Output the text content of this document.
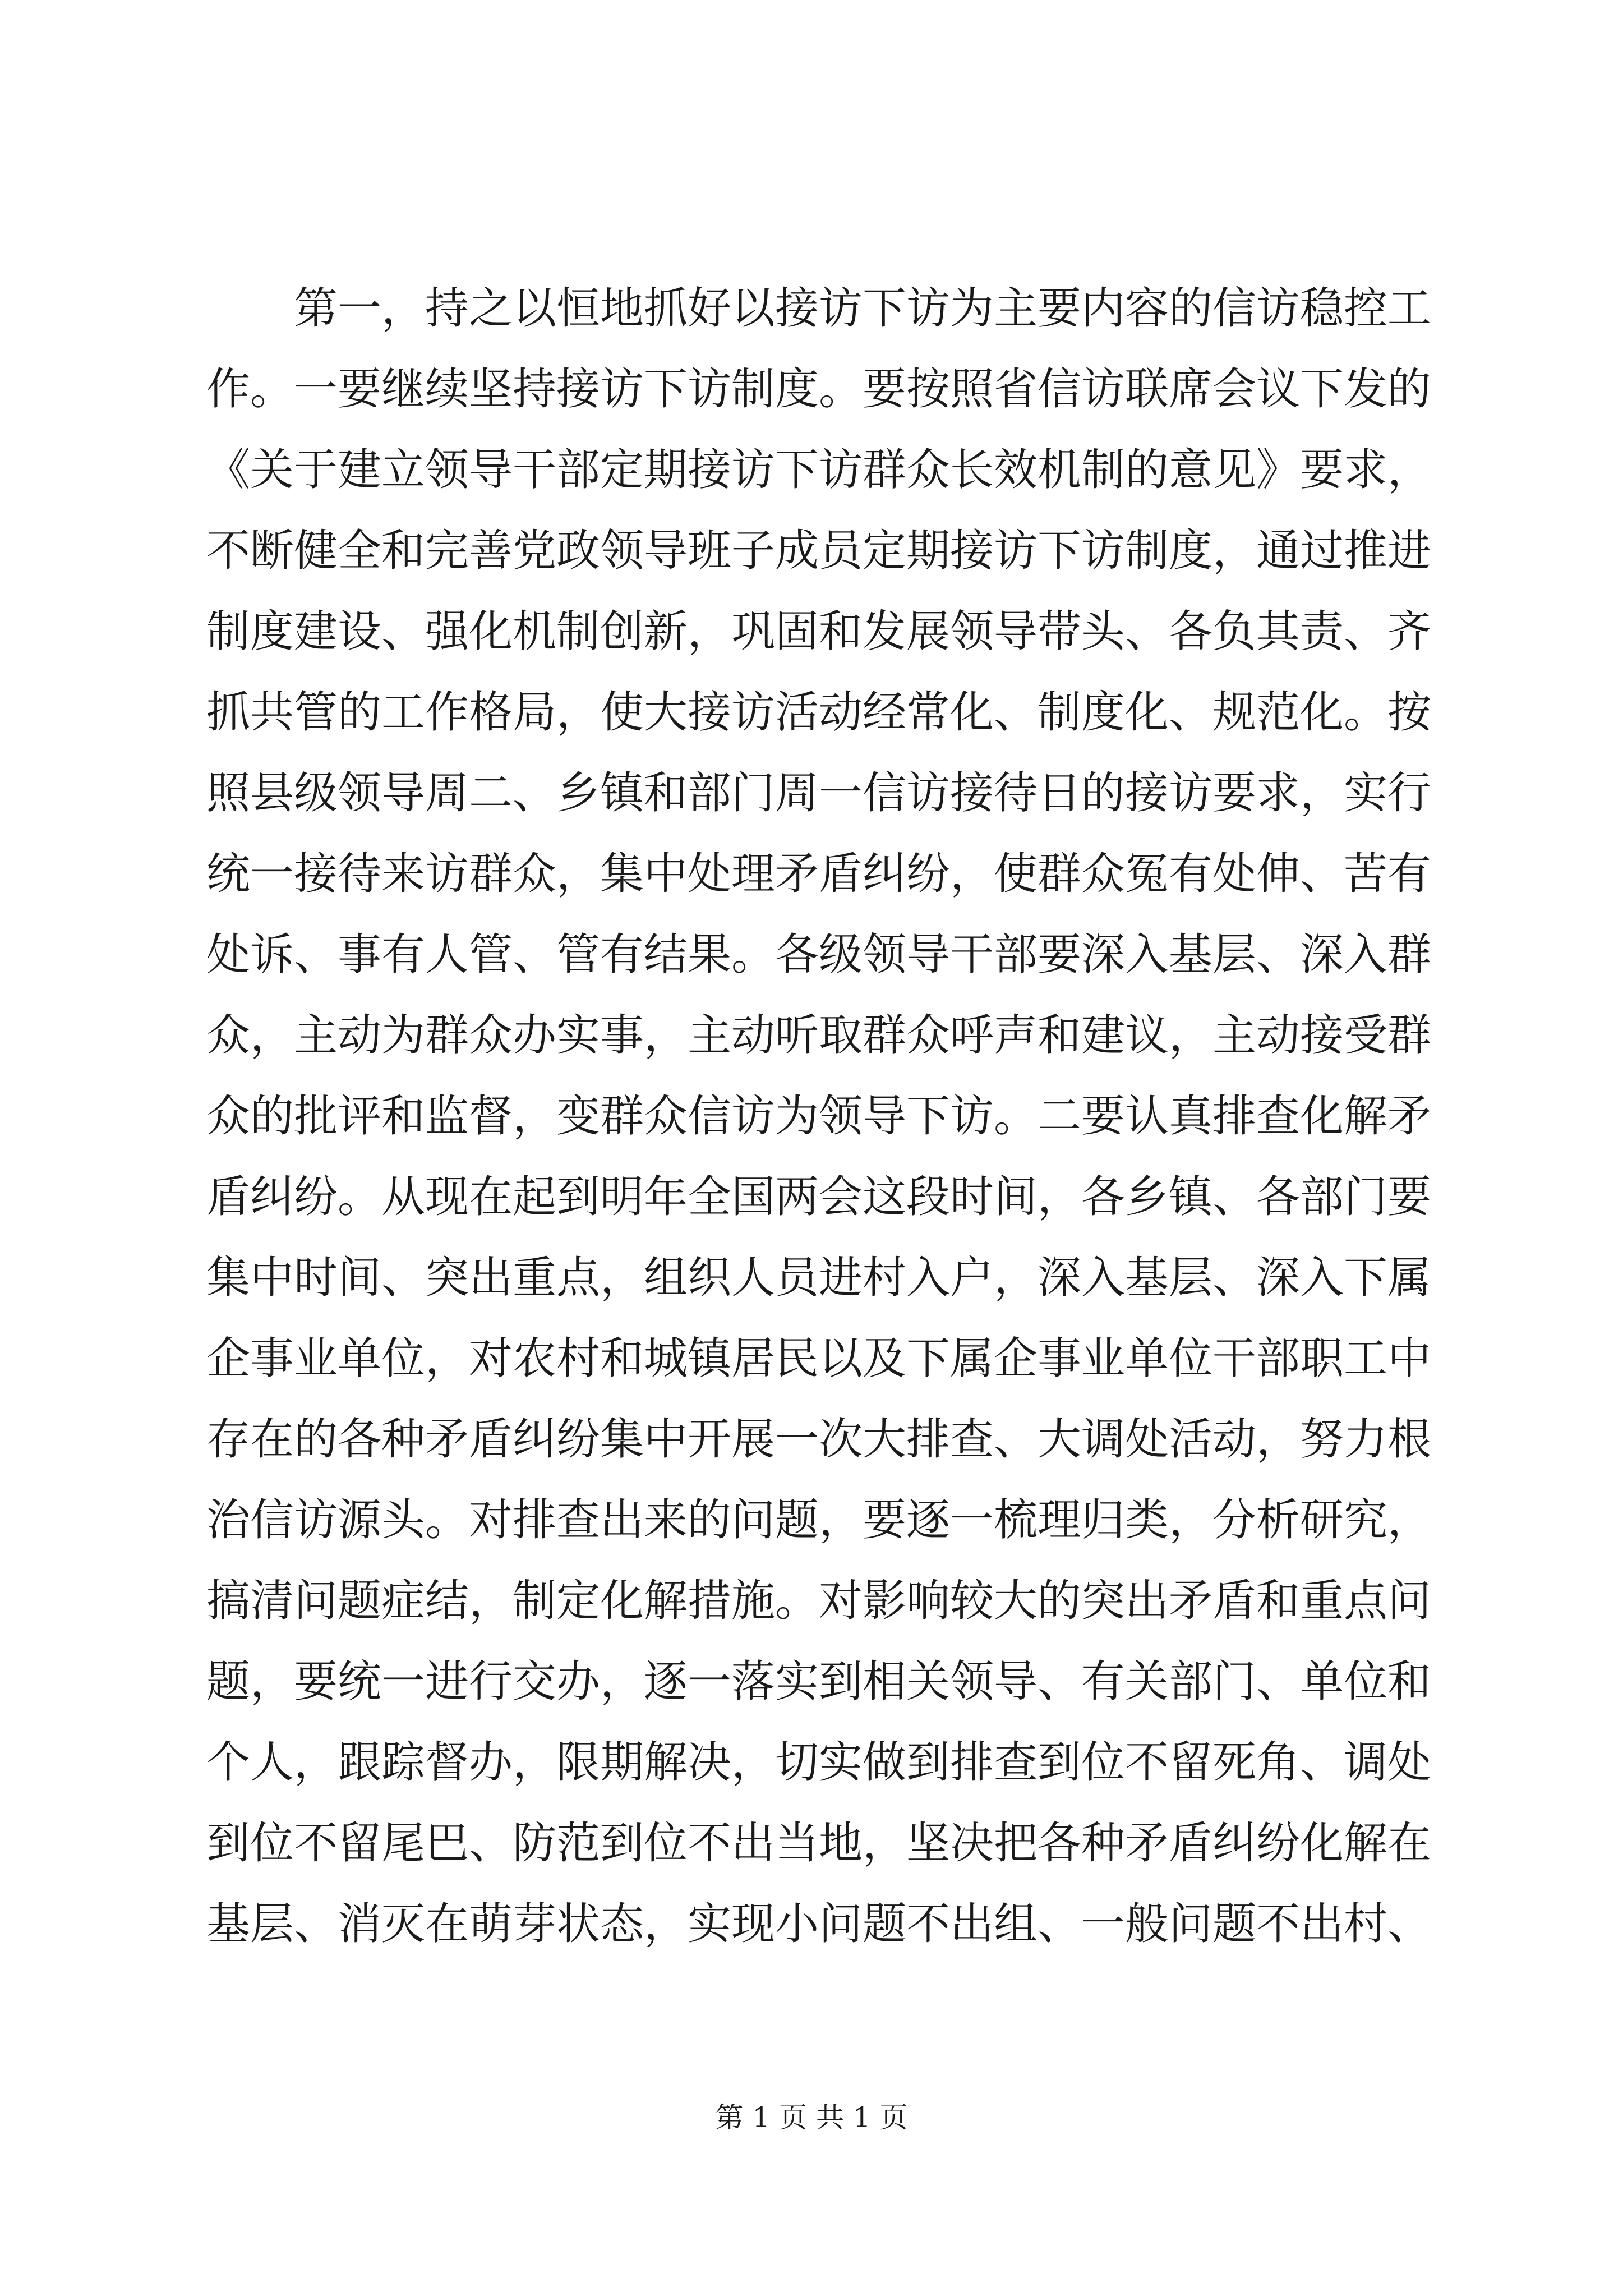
第一，持之以恒地抓好以接访下访为主要内容的信访稳控工
作。一要继续坚持接访下访制度。要按照省信访联席会议下发的
《关于建立领导干部定期接访下访群众长效机制的意见》要求，
不断健全和完善党政领导班子成员定期接访下访制度，通过推进
制度建设、强化机制创新，巩固和发展领导带头、各负其责、齐
抓共管的工作格局，使大接访活动经常化、制度化、规范化。按
照县级领导周二、乡镇和部门周一信访接待日的接访要求，实行
统一接待来访群众，集中处理矛盾纠纷，使群众冤有处伸、苦有
处诉、事有人管、管有结果。各级领导干部要深入基层、深入群
众，主动为群众办实事，主动听取群众呼声和建议，主动接受群
众的批评和监督，变群众信访为领导下访。二要认真排查化解矛
盾纠纷。从现在起到明年全国两会这段时间，各乡镇、各部门要
集中时间、突出重点，组织人员进村入户，深入基层、深入下属
企事业单位，对农村和城镇居民以及下属企事业单位干部职工中
存在的各种矛盾纠纷集中开展一次大排查、大调处活动，努力根
治信访源头。对排查出来的问题，要逐一梳理归类，分析研究，
搞清问题症结，制定化解措施。对影响较大的突出矛盾和重点问
题，要统一进行交办，逐一落实到相关领导、有关部门、单位和
个人，跟踪督办，限期解决，切实做到排查到位不留死角、调处
到位不留尾巴、防范到位不出当地，坚决把各种矛盾纠纷化解在
基层、消灭在萌芽状态，实现小问题不出组、一般问题不出村、
第 1 页 共 1 页
